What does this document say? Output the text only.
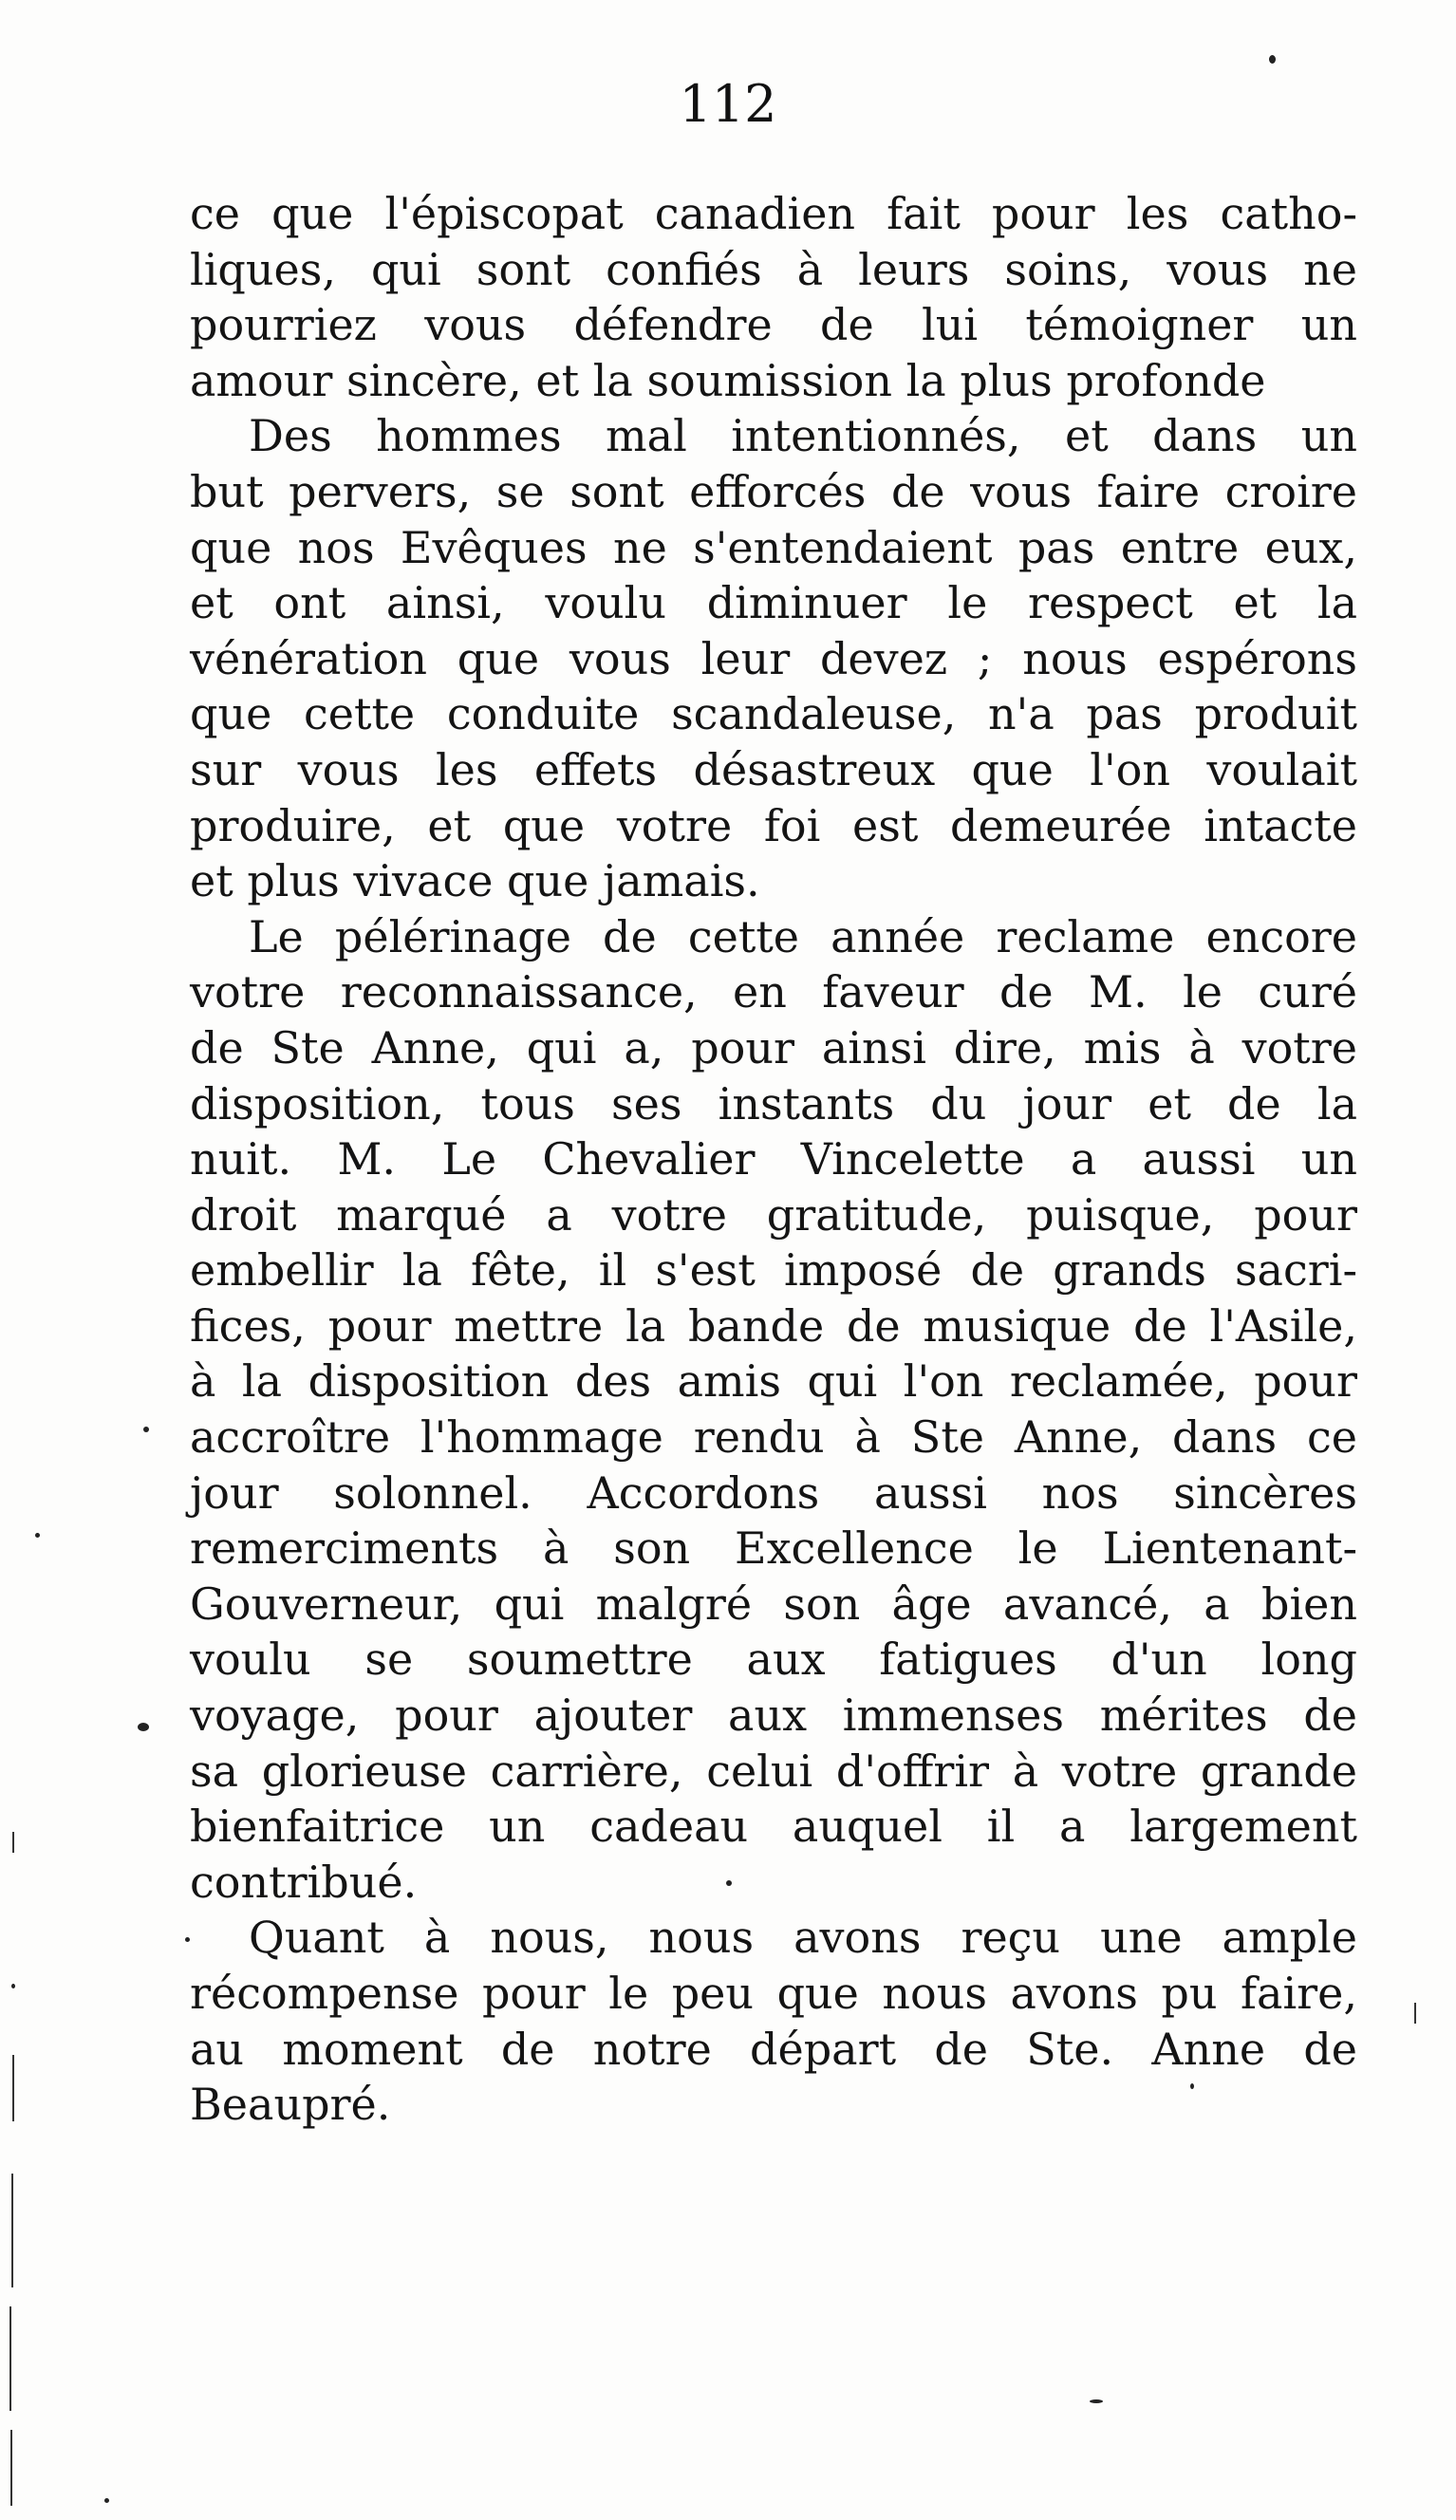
112
ce que l'épiscopat canadien fait pour les catho-
liques, qui sont confiés à leurs soins, vous ne
pourriez vous défendre de lui témoigner un
amour sincère, et la soumission la plus profonde
Des hommes mal intentionnés, et dans un
but pervers, se sont efforcés de vous faire croire
que nos Evêques ne s'entendaient pas entre eux,
et ont ainsi, voulu diminuer le respect et la
vénération que vous leur devez ; nous espérons
que cette conduite scandaleuse, n'a pas produit
sur vous les effets désastreux que l'on voulait
produire, et que votre foi est demeurée intacte
et plus vivace que jamais.
Le pélérinage de cette année reclame encore
votre reconnaissance, en faveur de M. le curé
de Ste Anne, qui a, pour ainsi dire, mis à votre
disposition, tous ses instants du jour et de la
nuit. M. Le Chevalier Vincelette a aussi un
droit marqué a votre gratitude, puisque, pour
embellir la fête, il s'est imposé de grands sacri-
fices, pour mettre la bande de musique de l'Asile,
à la disposition des amis qui l'on reclamée, pour
accroître l'hommage rendu à Ste Anne, dans ce
jour solonnel. Accordons aussi nos sincères
remerciments à son Excellence le Lientenant-
Gouverneur, qui malgré son âge avancé, a bien
voulu se soumettre aux fatigues d'un long
voyage, pour ajouter aux immenses mérites de
sa glorieuse carrière, celui d'offrir à votre grande
bienfaitrice un cadeau auquel il a largement
contribué.
Quant à nous, nous avons reçu une ample
récompense pour le peu que nous avons pu faire,
au moment de notre départ de Ste. Anne de
Beaupré.
